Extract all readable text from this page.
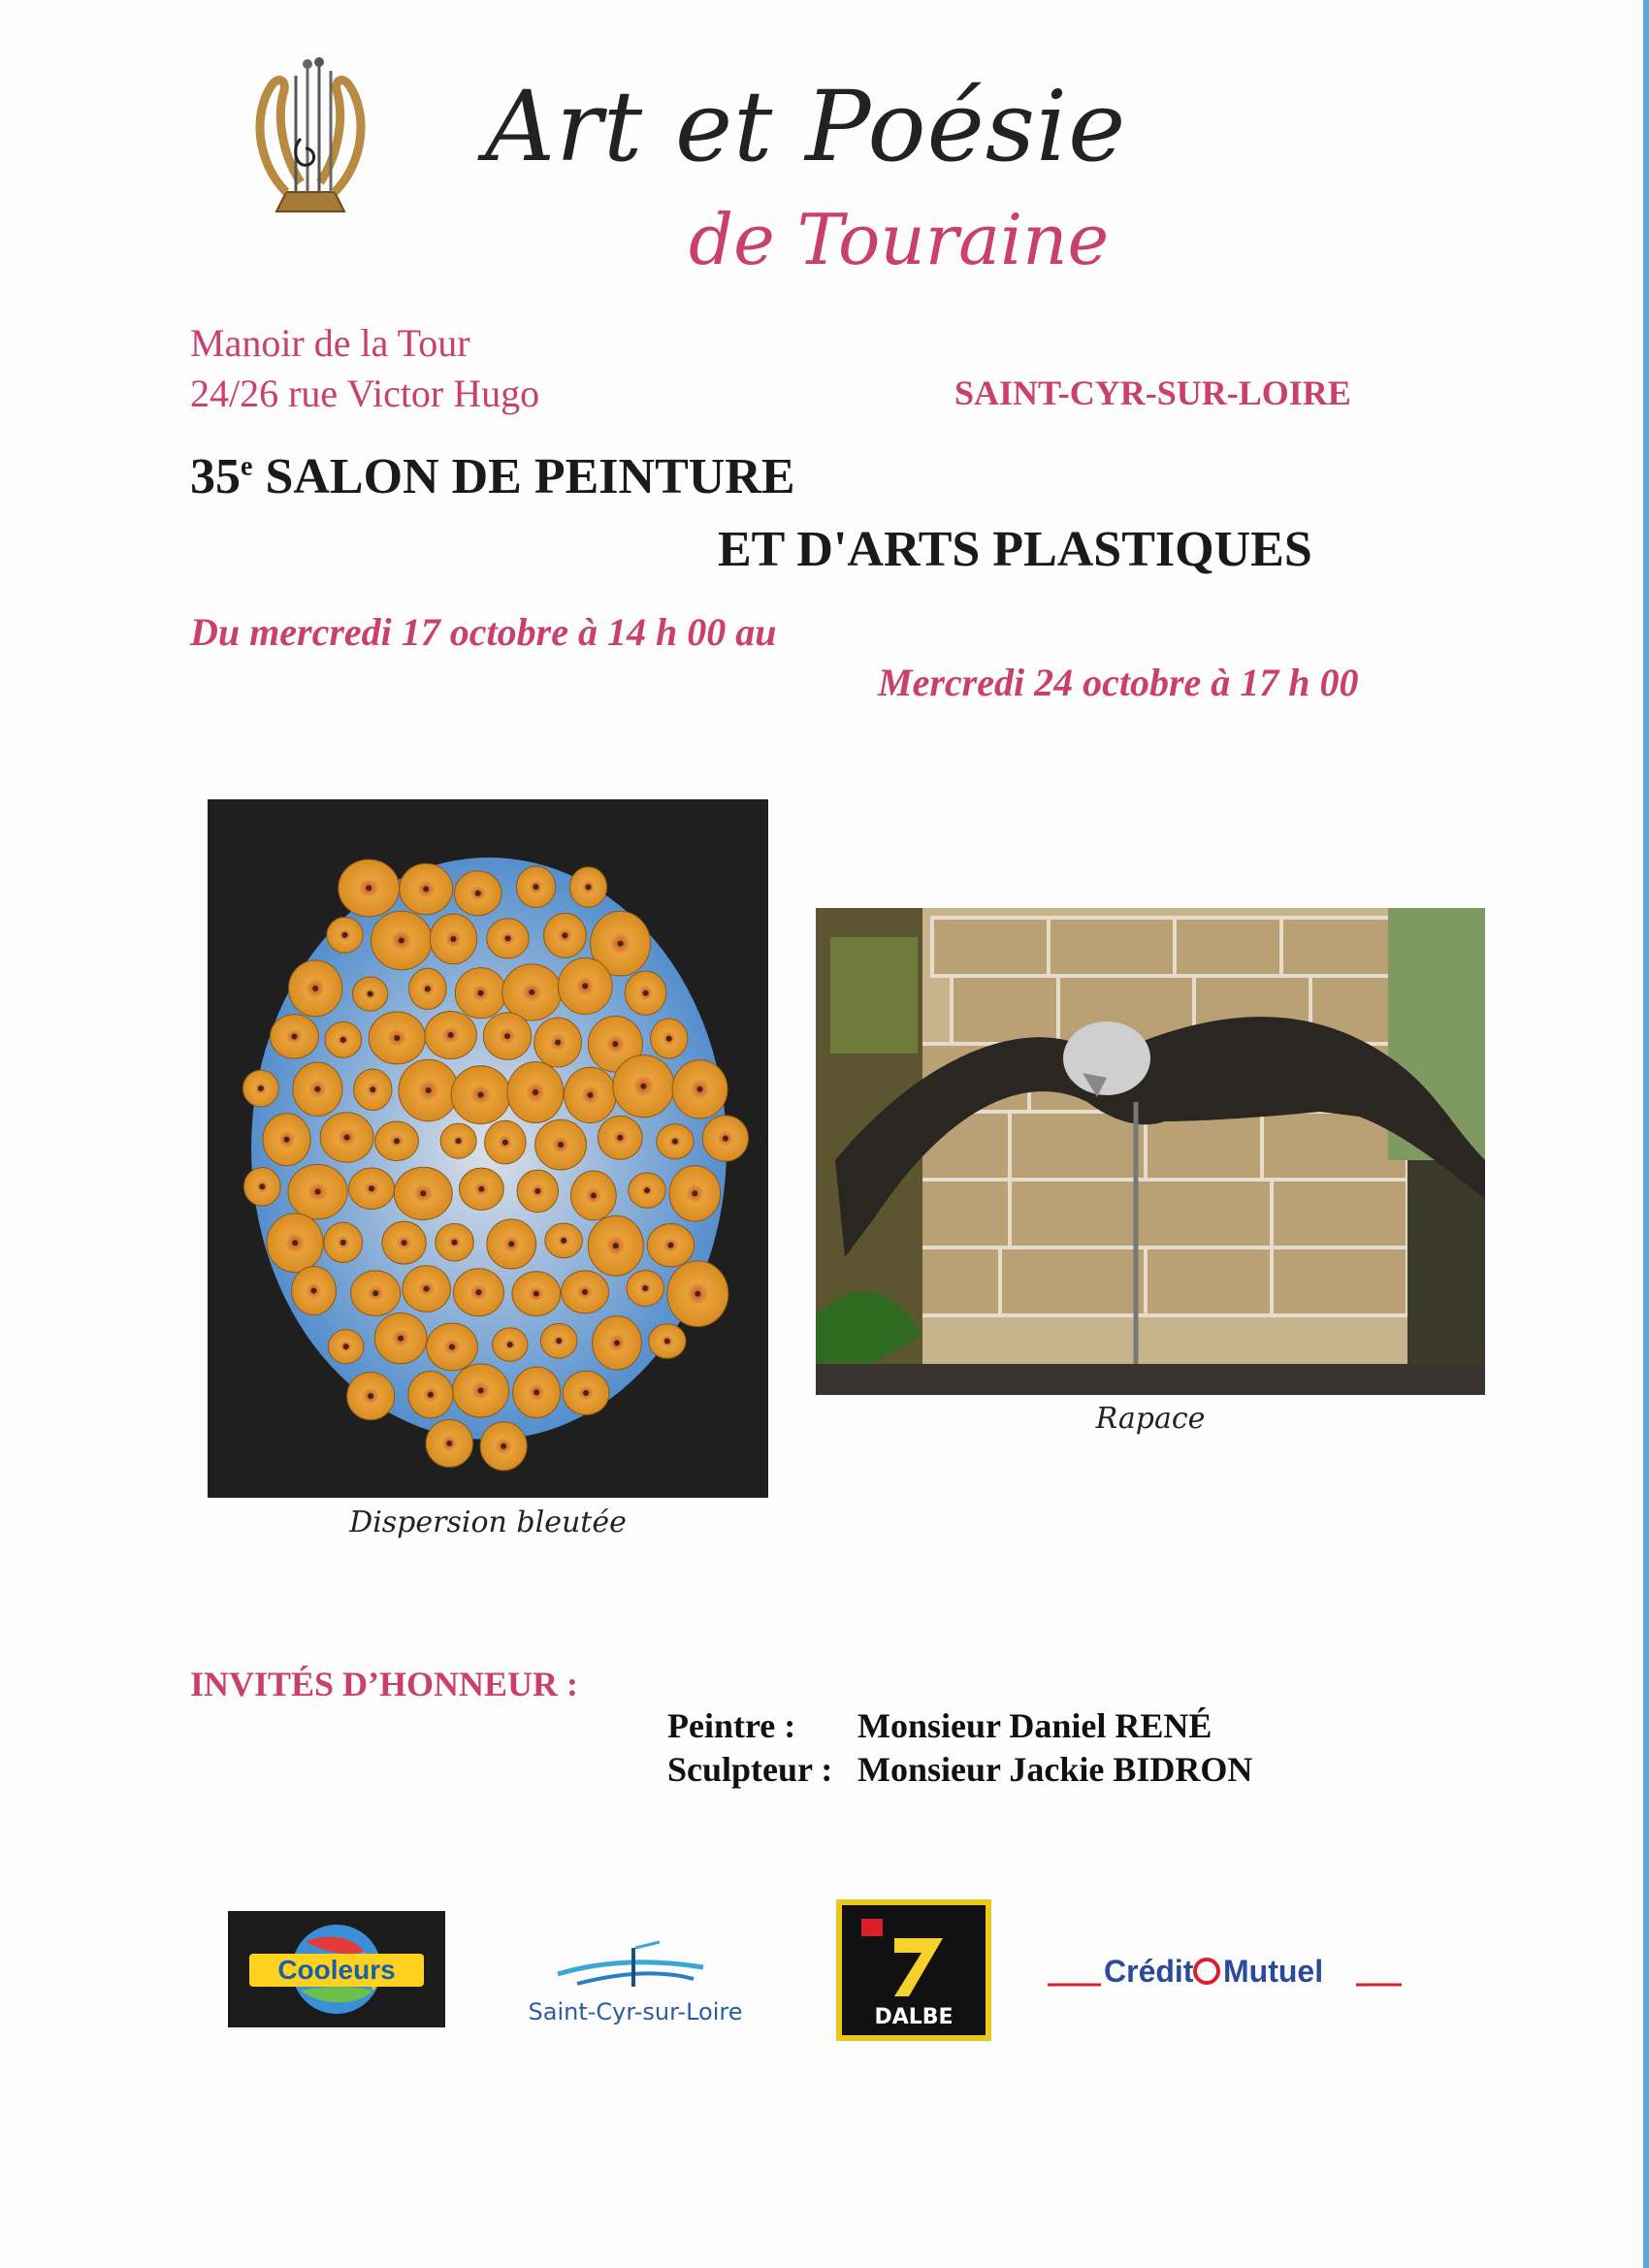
Art et Poésie
de Touraine
Manoir de la Tour
24/26 rue Victor Hugo	SAINT-CYR-SUR-LOIRE
35e SALON DE PEINTURE
ET D'ARTS PLASTIQUES
Du mercredi 17 octobre à 14 h 00 au
Mercredi 24 octobre à 17 h 00
Dispersion bleutée
Rapace
INVITÉS D’HONNEUR :
Peintre : Monsieur Daniel RENÉ
Sculpteur : Monsieur Jackie BIDRON
Cooleurs
Saint-Cyr-sur-Loire	DALBE
Crédit Mutuel
